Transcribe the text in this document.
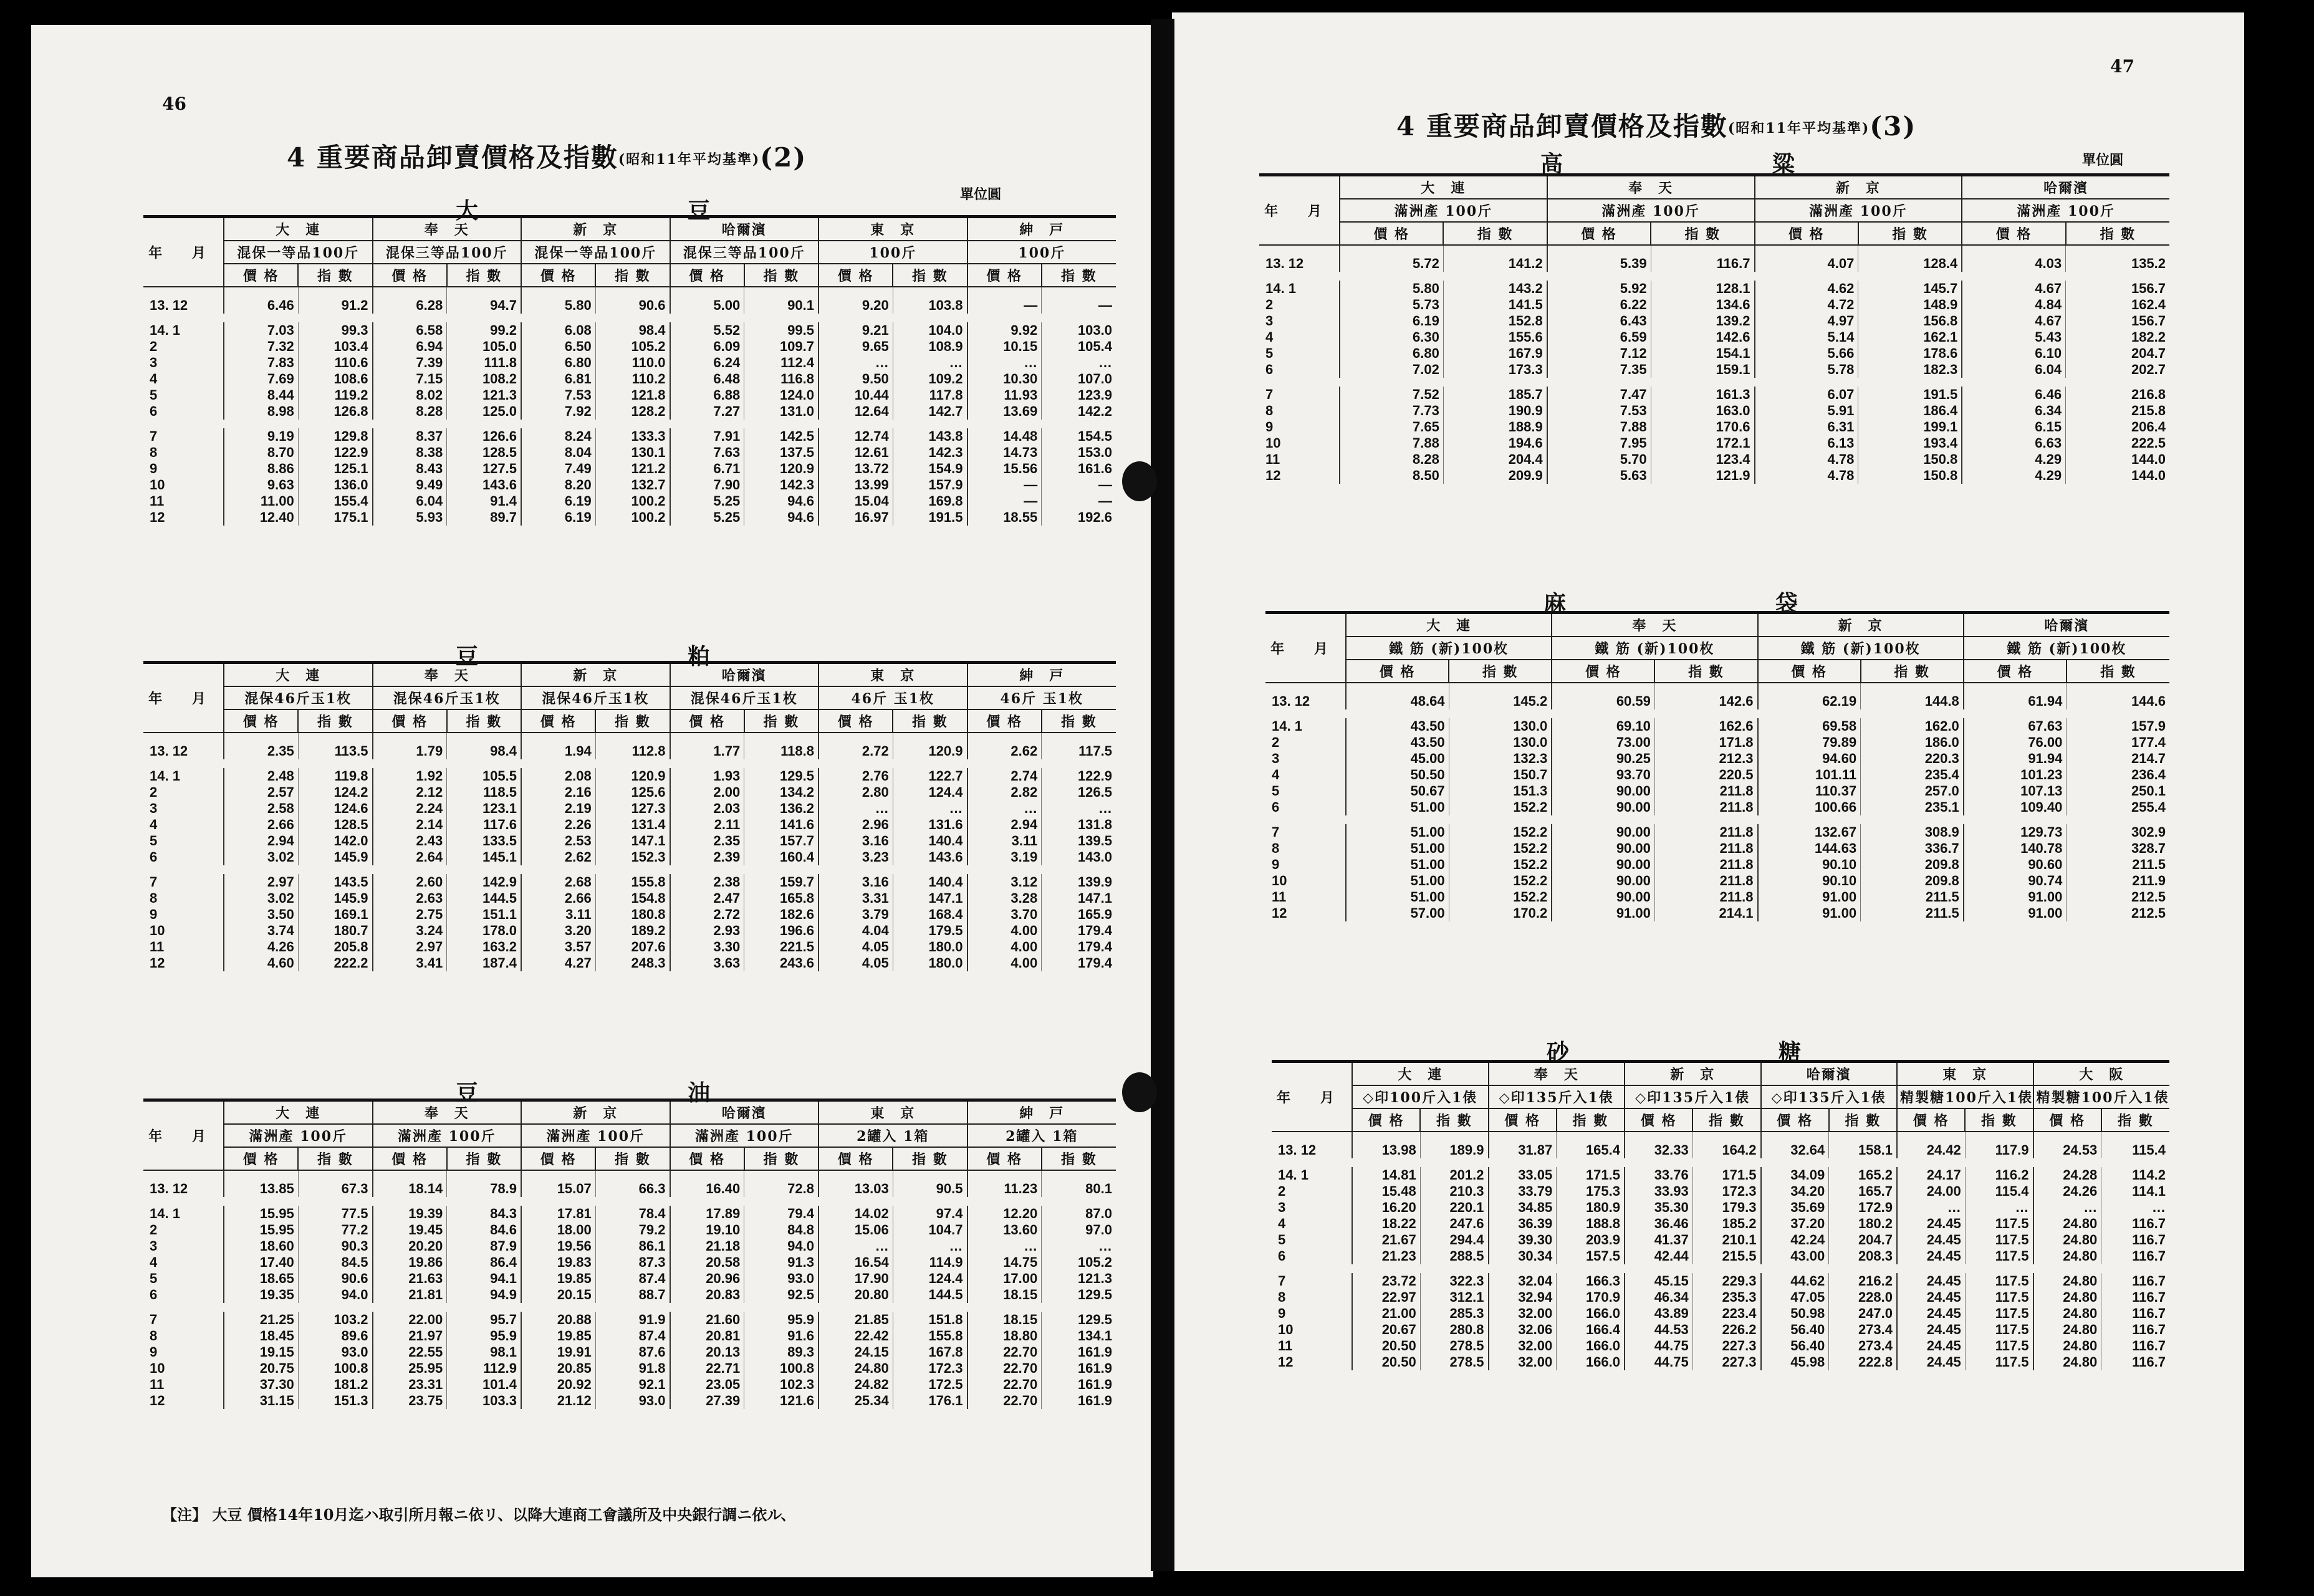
46
4 重要商品卸賣價格及指數(昭和11年平均基準)(2)
單位圓
大　豆
年 月	大　連		奉　天		新　京		哈爾濱		東　京		紳　戸	
	混保一等品100斤		混保三等品100斤		混保一等品100斤		混保三等品100斤		100斤		100斤	
	價 格	指 數	價 格	指 數	價 格	指 數	價 格	指 數	價 格	指 數	價 格	指 數
13. 12	6.46	91.2	6.28	94.7	5.80	90.6	5.00	90.1	9.20	103.8	—	—

14. 1	7.03	99.3	6.58	99.2	6.08	98.4	5.52	99.5	9.21	104.0	9.92	103.0
2	7.32	103.4	6.94	105.0	6.50	105.2	6.09	109.7	9.65	108.9	10.15	105.4
3	7.83	110.6	7.39	111.8	6.80	110.0	6.24	112.4	…	…	…	…
4	7.69	108.6	7.15	108.2	6.81	110.2	6.48	116.8	9.50	109.2	10.30	107.0
5	8.44	119.2	8.02	121.3	7.53	121.8	6.88	124.0	10.44	117.8	11.93	123.9
6	8.98	126.8	8.28	125.0	7.92	128.2	7.27	131.0	12.64	142.7	13.69	142.2

7	9.19	129.8	8.37	126.6	8.24	133.3	7.91	142.5	12.74	143.8	14.48	154.5
8	8.70	122.9	8.38	128.5	8.04	130.1	7.63	137.5	12.61	142.3	14.73	153.0
9	8.86	125.1	8.43	127.5	7.49	121.2	6.71	120.9	13.72	154.9	15.56	161.6
10	9.63	136.0	9.49	143.6	8.20	132.7	7.90	142.3	13.99	157.9	—	—
11	11.00	155.4	6.04	91.4	6.19	100.2	5.25	94.6	15.04	169.8	—	—
12	12.40	175.1	5.93	89.7	6.19	100.2	5.25	94.6	16.97	191.5	18.55	192.6
豆　粕
年 月	大　連		奉　天		新　京		哈爾濱		東　京		紳　戸	
	混保46斤玉1枚		混保46斤玉1枚		混保46斤玉1枚		混保46斤玉1枚		46斤 玉1枚		46斤 玉1枚	
	價 格	指 數	價 格	指 數	價 格	指 數	價 格	指 數	價 格	指 數	價 格	指 數
13. 12	2.35	113.5	1.79	98.4	1.94	112.8	1.77	118.8	2.72	120.9	2.62	117.5

14. 1	2.48	119.8	1.92	105.5	2.08	120.9	1.93	129.5	2.76	122.7	2.74	122.9
2	2.57	124.2	2.12	118.5	2.16	125.6	2.00	134.2	2.80	124.4	2.82	126.5
3	2.58	124.6	2.24	123.1	2.19	127.3	2.03	136.2	…	…	…	…
4	2.66	128.5	2.14	117.6	2.26	131.4	2.11	141.6	2.96	131.6	2.94	131.8
5	2.94	142.0	2.43	133.5	2.53	147.1	2.35	157.7	3.16	140.4	3.11	139.5
6	3.02	145.9	2.64	145.1	2.62	152.3	2.39	160.4	3.23	143.6	3.19	143.0

7	2.97	143.5	2.60	142.9	2.68	155.8	2.38	159.7	3.16	140.4	3.12	139.9
8	3.02	145.9	2.63	144.5	2.66	154.8	2.47	165.8	3.31	147.1	3.28	147.1
9	3.50	169.1	2.75	151.1	3.11	180.8	2.72	182.6	3.79	168.4	3.70	165.9
10	3.74	180.7	3.24	178.0	3.20	189.2	2.93	196.6	4.04	179.5	4.00	179.4
11	4.26	205.8	2.97	163.2	3.57	207.6	3.30	221.5	4.05	180.0	4.00	179.4
12	4.60	222.2	3.41	187.4	4.27	248.3	3.63	243.6	4.05	180.0	4.00	179.4
豆　油
年 月	大　連		奉　天		新　京		哈爾濱		東　京		紳　戸	
	滿洲產 100斤		滿洲產 100斤		滿洲產 100斤		滿洲產 100斤		2罐入 1箱		2罐入 1箱	
	價 格	指 數	價 格	指 數	價 格	指 數	價 格	指 數	價 格	指 數	價 格	指 數
13. 12	13.85	67.3	18.14	78.9	15.07	66.3	16.40	72.8	13.03	90.5	11.23	80.1

14. 1	15.95	77.5	19.39	84.3	17.81	78.4	17.89	79.4	14.02	97.4	12.20	87.0
2	15.95	77.2	19.45	84.6	18.00	79.2	19.10	84.8	15.06	104.7	13.60	97.0
3	18.60	90.3	20.20	87.9	19.56	86.1	21.18	94.0	…	…	…	…
4	17.40	84.5	19.86	86.4	19.83	87.3	20.58	91.3	16.54	114.9	14.75	105.2
5	18.65	90.6	21.63	94.1	19.85	87.4	20.96	93.0	17.90	124.4	17.00	121.3
6	19.35	94.0	21.81	94.9	20.15	88.7	20.83	92.5	20.80	144.5	18.15	129.5

7	21.25	103.2	22.00	95.7	20.88	91.9	21.60	95.9	21.85	151.8	18.15	129.5
8	18.45	89.6	21.97	95.9	19.85	87.4	20.81	91.6	22.42	155.8	18.80	134.1
9	19.15	93.0	22.55	98.1	19.91	87.6	20.13	89.3	24.15	167.8	22.70	161.9
10	20.75	100.8	25.95	112.9	20.85	91.8	22.71	100.8	24.80	172.3	22.70	161.9
11	37.30	181.2	23.31	101.4	20.92	92.1	23.05	102.3	24.82	172.5	22.70	161.9
12	31.15	151.3	23.75	103.3	21.12	93.0	27.39	121.6	25.34	176.1	22.70	161.9
【注】 大豆 價格14年10月迄ハ取引所月報ニ依リ、以降大連商工會議所及中央銀行調ニ依ル、
47
4 重要商品卸賣價格及指數(昭和11年平均基準)(3)
單位圓
高　粱
年 月	大　連		奉　天		新　京		哈爾濱	
	滿洲產 100斤		滿洲產 100斤		滿洲產 100斤		滿洲產 100斤	
	價 格	指 數	價 格	指 數	價 格	指 數	價 格	指 數
13. 12	5.72	141.2	5.39	116.7	4.07	128.4	4.03	135.2

14. 1	5.80	143.2	5.92	128.1	4.62	145.7	4.67	156.7
2	5.73	141.5	6.22	134.6	4.72	148.9	4.84	162.4
3	6.19	152.8	6.43	139.2	4.97	156.8	4.67	156.7
4	6.30	155.6	6.59	142.6	5.14	162.1	5.43	182.2
5	6.80	167.9	7.12	154.1	5.66	178.6	6.10	204.7
6	7.02	173.3	7.35	159.1	5.78	182.3	6.04	202.7

7	7.52	185.7	7.47	161.3	6.07	191.5	6.46	216.8
8	7.73	190.9	7.53	163.0	5.91	186.4	6.34	215.8
9	7.65	188.9	7.88	170.6	6.31	199.1	6.15	206.4
10	7.88	194.6	7.95	172.1	6.13	193.4	6.63	222.5
11	8.28	204.4	5.70	123.4	4.78	150.8	4.29	144.0
12	8.50	209.9	5.63	121.9	4.78	150.8	4.29	144.0
麻　袋
年 月	大　連		奉　天		新　京		哈爾濱	
	鐵 筋 (新)100枚		鐵 筋 (新)100枚		鐵 筋 (新)100枚		鐵 筋 (新)100枚	
	價 格	指 數	價 格	指 數	價 格	指 數	價 格	指 數
13. 12	48.64	145.2	60.59	142.6	62.19	144.8	61.94	144.6

14. 1	43.50	130.0	69.10	162.6	69.58	162.0	67.63	157.9
2	43.50	130.0	73.00	171.8	79.89	186.0	76.00	177.4
3	45.00	132.3	90.25	212.3	94.60	220.3	91.94	214.7
4	50.50	150.7	93.70	220.5	101.11	235.4	101.23	236.4
5	50.67	151.3	90.00	211.8	110.37	257.0	107.13	250.1
6	51.00	152.2	90.00	211.8	100.66	235.1	109.40	255.4

7	51.00	152.2	90.00	211.8	132.67	308.9	129.73	302.9
8	51.00	152.2	90.00	211.8	144.63	336.7	140.78	328.7
9	51.00	152.2	90.00	211.8	90.10	209.8	90.60	211.5
10	51.00	152.2	90.00	211.8	90.10	209.8	90.74	211.9
11	51.00	152.2	90.00	211.8	91.00	211.5	91.00	212.5
12	57.00	170.2	91.00	214.1	91.00	211.5	91.00	212.5
砂　糖
年 月	大　連		奉　天		新　京		哈爾濱		東　京		大　阪	
	◇印100斤入1俵		◇印135斤入1俵		◇印135斤入1俵		◇印135斤入1俵		精製糖100斤入1俵		精製糖100斤入1俵	
	價 格	指 數	價 格	指 數	價 格	指 數	價 格	指 數	價 格	指 數	價 格	指 數
13. 12	13.98	189.9	31.87	165.4	32.33	164.2	32.64	158.1	24.42	117.9	24.53	115.4

14. 1	14.81	201.2	33.05	171.5	33.76	171.5	34.09	165.2	24.17	116.2	24.28	114.2
2	15.48	210.3	33.79	175.3	33.93	172.3	34.20	165.7	24.00	115.4	24.26	114.1
3	16.20	220.1	34.85	180.9	35.30	179.3	35.69	172.9	…	…	…	…
4	18.22	247.6	36.39	188.8	36.46	185.2	37.20	180.2	24.45	117.5	24.80	116.7
5	21.67	294.4	39.30	203.9	41.37	210.1	42.24	204.7	24.45	117.5	24.80	116.7
6	21.23	288.5	30.34	157.5	42.44	215.5	43.00	208.3	24.45	117.5	24.80	116.7

7	23.72	322.3	32.04	166.3	45.15	229.3	44.62	216.2	24.45	117.5	24.80	116.7
8	22.97	312.1	32.94	170.9	46.34	235.3	47.05	228.0	24.45	117.5	24.80	116.7
9	21.00	285.3	32.00	166.0	43.89	223.4	50.98	247.0	24.45	117.5	24.80	116.7
10	20.67	280.8	32.06	166.4	44.53	226.2	56.40	273.4	24.45	117.5	24.80	116.7
11	20.50	278.5	32.00	166.0	44.75	227.3	56.40	273.4	24.45	117.5	24.80	116.7
12	20.50	278.5	32.00	166.0	44.75	227.3	45.98	222.8	24.45	117.5	24.80	116.7
